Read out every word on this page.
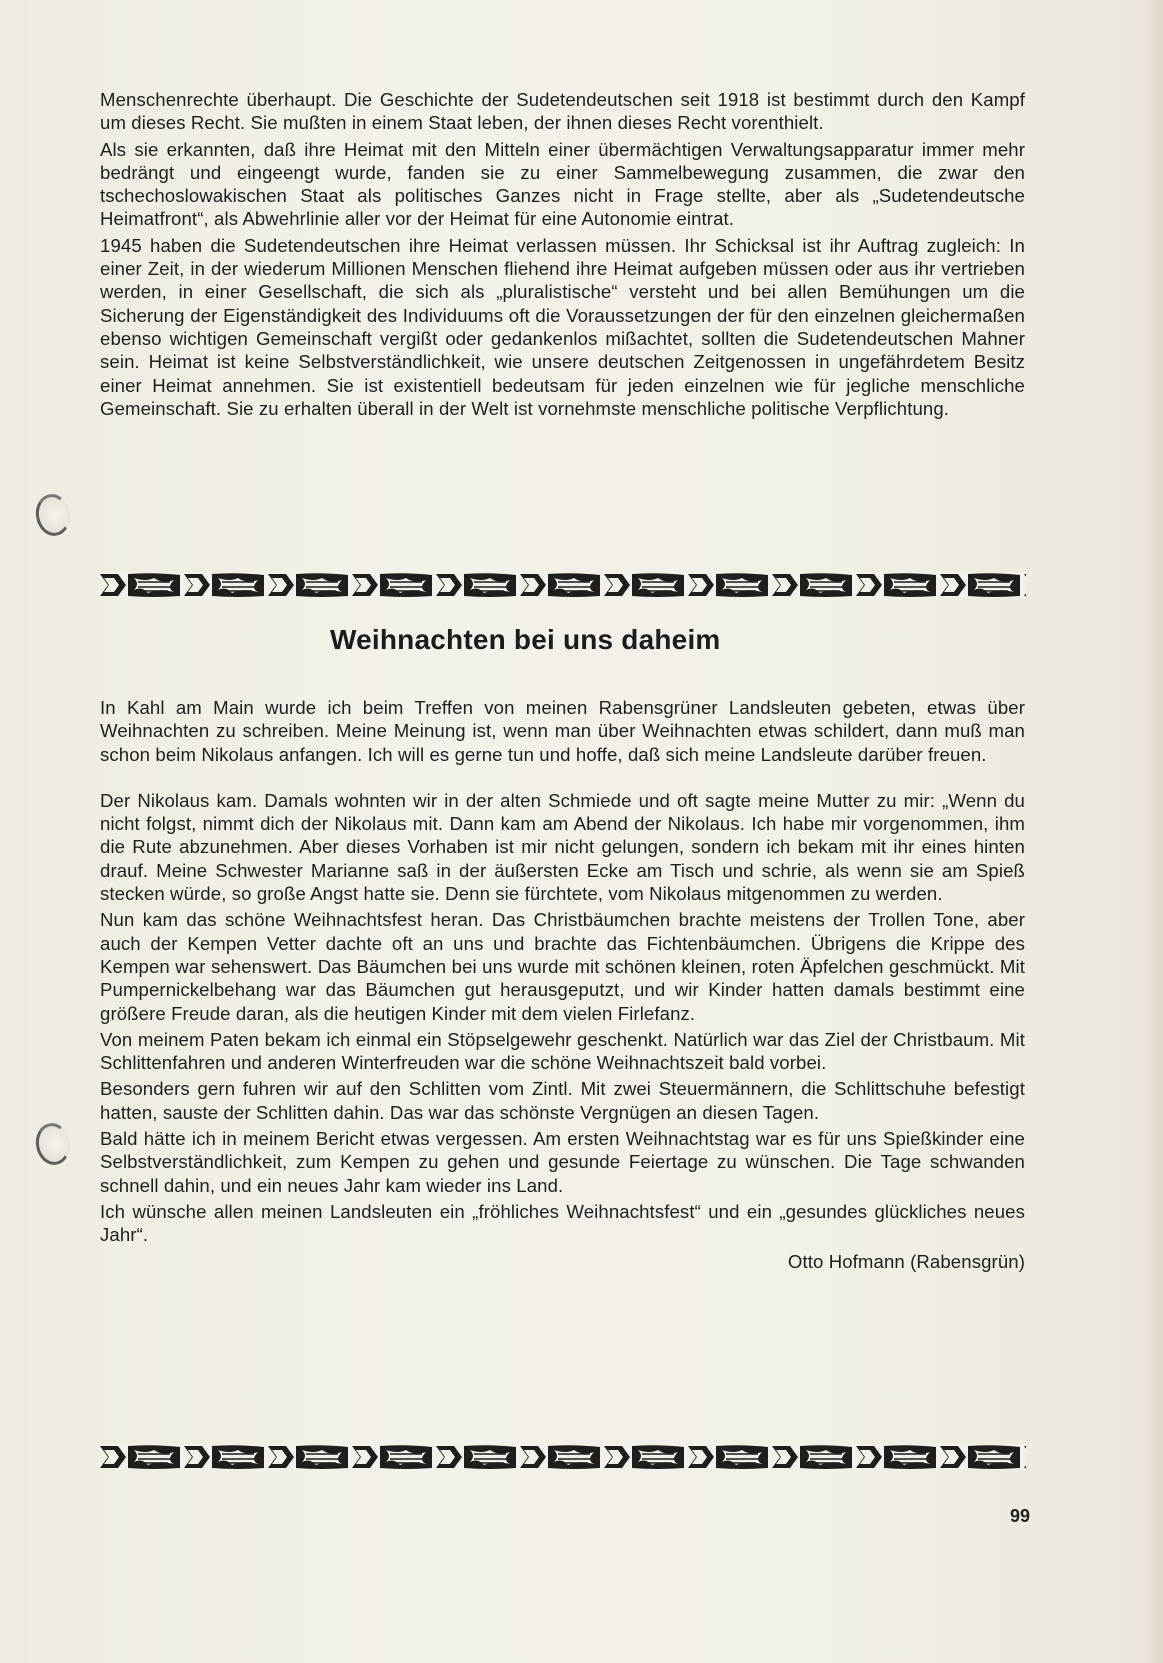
Menschenrechte überhaupt. Die Geschichte der Sudetendeutschen seit 1918 ist bestimmt durch den Kampf um dieses Recht. Sie mußten in einem Staat leben, der ihnen dieses Recht vorenthielt.

Als sie erkannten, daß ihre Heimat mit den Mitteln einer übermächtigen Verwaltungsapparatur immer mehr bedrängt und eingeengt wurde, fanden sie zu einer Sammelbewegung zusammen, die zwar den tschechoslowakischen Staat als politisches Ganzes nicht in Frage stellte, aber als „Sudetendeutsche Heimatfront“, als Abwehrlinie aller vor der Heimat für eine Autonomie eintrat.

1945 haben die Sudetendeutschen ihre Heimat verlassen müssen. Ihr Schicksal ist ihr Auftrag zugleich: In einer Zeit, in der wiederum Millionen Menschen fliehend ihre Heimat aufgeben müssen oder aus ihr vertrieben werden, in einer Gesellschaft, die sich als „pluralistische“ versteht und bei allen Bemühungen um die Sicherung der Eigenständigkeit des Individuums oft die Voraussetzungen der für den einzelnen gleichermaßen ebenso wichtigen Gemeinschaft vergißt oder gedankenlos mißachtet, sollten die Sudetendeutschen Mahner sein. Heimat ist keine Selbstverständlichkeit, wie unsere deutschen Zeitgenossen in ungefährdetem Besitz einer Heimat annehmen. Sie ist existentiell bedeutsam für jeden einzelnen wie für jegliche menschliche Gemeinschaft. Sie zu erhalten überall in der Welt ist vornehmste menschliche politische Verpflichtung.

Weihnachten bei uns daheim

In Kahl am Main wurde ich beim Treffen von meinen Rabensgrüner Landsleuten gebeten, etwas über Weihnachten zu schreiben. Meine Meinung ist, wenn man über Weihnachten etwas schildert, dann muß man schon beim Nikolaus anfangen. Ich will es gerne tun und hoffe, daß sich meine Landsleute darüber freuen.

Der Nikolaus kam. Damals wohnten wir in der alten Schmiede und oft sagte meine Mutter zu mir: „Wenn du nicht folgst, nimmt dich der Nikolaus mit. Dann kam am Abend der Nikolaus. Ich habe mir vorgenommen, ihm die Rute abzunehmen. Aber dieses Vorhaben ist mir nicht gelungen, sondern ich bekam mit ihr eines hinten drauf. Meine Schwester Marianne saß in der äußersten Ecke am Tisch und schrie, als wenn sie am Spieß stecken würde, so große Angst hatte sie. Denn sie fürchtete, vom Nikolaus mitgenommen zu werden.

Nun kam das schöne Weihnachtsfest heran. Das Christbäumchen brachte meistens der Trollen Tone, aber auch der Kempen Vetter dachte oft an uns und brachte das Fichtenbäumchen. Übrigens die Krippe des Kempen war sehenswert. Das Bäumchen bei uns wurde mit schönen kleinen, roten Äpfelchen geschmückt. Mit Pumpernickelbehang war das Bäumchen gut herausgeputzt, und wir Kinder hatten damals bestimmt eine größere Freude daran, als die heutigen Kinder mit dem vielen Firlefanz.

Von meinem Paten bekam ich einmal ein Stöpselgewehr geschenkt. Natürlich war das Ziel der Christbaum. Mit Schlittenfahren und anderen Winterfreuden war die schöne Weihnachtszeit bald vorbei.

Besonders gern fuhren wir auf den Schlitten vom Zintl. Mit zwei Steuermännern, die Schlittschuhe befestigt hatten, sauste der Schlitten dahin. Das war das schönste Vergnügen an diesen Tagen.

Bald hätte ich in meinem Bericht etwas vergessen. Am ersten Weihnachtstag war es für uns Spießkinder eine Selbstverständlichkeit, zum Kempen zu gehen und gesunde Feiertage zu wünschen. Die Tage schwanden schnell dahin, und ein neues Jahr kam wieder ins Land.

Ich wünsche allen meinen Landsleuten ein „fröhliches Weihnachtsfest“ und ein „gesundes glückliches neues Jahr“.

Otto Hofmann (Rabensgrün)

99
